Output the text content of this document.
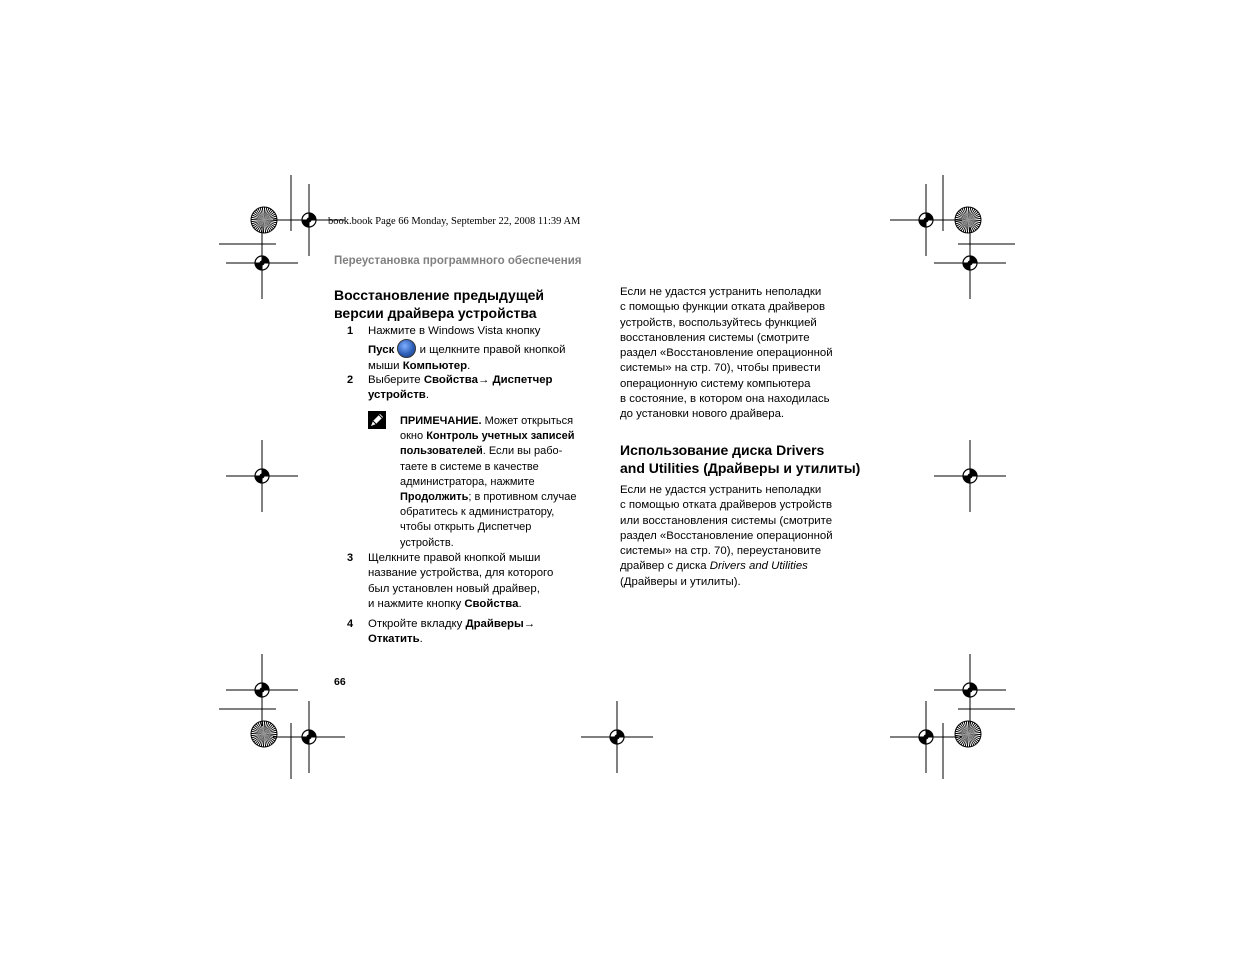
book.book Page 66 Monday, September 22, 2008 11:39 AM
Переустановка программного обеспечения
Восстановление предыдущей
версии драйвера устройства
1 Нажмите в Windows Vista кнопку
Пуск  и щелкните правой кнопкой
мыши Компьютер.
2 Выберите Свойства→ Диспетчер
устройств.
ПРИМЕЧАНИЕ. Может открыться
окно Контроль учетных записей
пользователей. Если вы рабо-
таете в системе в качестве
администратора, нажмите
Продолжить; в противном случае
обратитесь к администратору,
чтобы открыть Диспетчер
устройств.
3 Щелкните правой кнопкой мыши
название устройства, для которого
был установлен новый драйвер,
и нажмите кнопку Свойства.
4 Откройте вкладку Драйверы→
Откатить.
Если не удастся устранить неполадки
с помощью функции отката драйверов
устройств, воспользуйтесь функцией
восстановления системы (смотрите
раздел «Восстановление операционной
системы» на стр. 70), чтобы привести
операционную систему компьютера
в состояние, в котором она находилась
до установки нового драйвера.
Использование диска Drivers
and Utilities (Драйверы и утилиты)
Если не удастся устранить неполадки
с помощью отката драйверов устройств
или восстановления системы (смотрите
раздел «Восстановление операционной
системы» на стр. 70), переустановите
драйвер с диска Drivers and Utilities
(Драйверы и утилиты).
66
